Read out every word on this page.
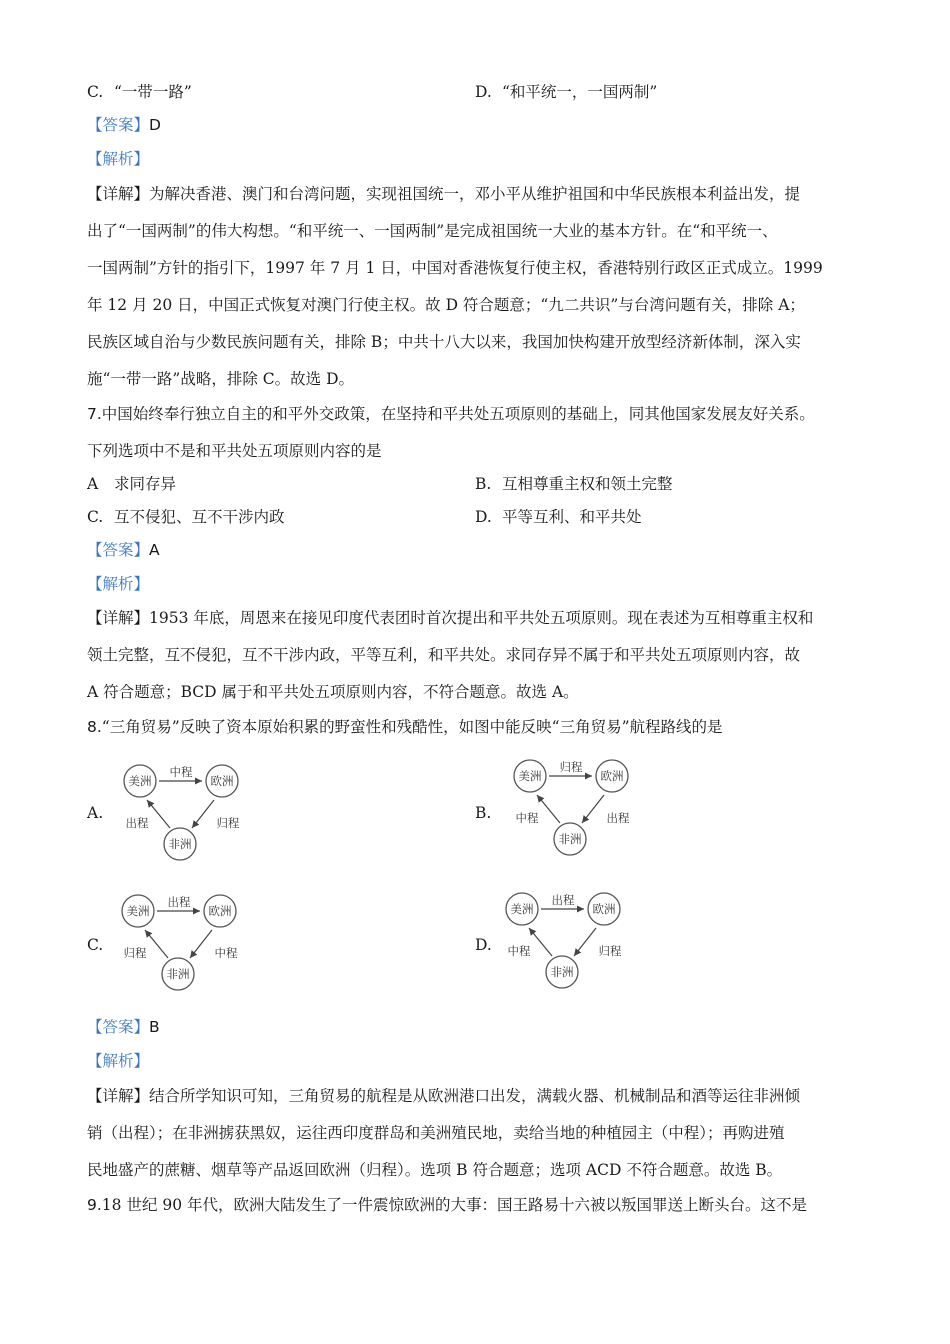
C. “一带一路”	D. “和平统一，一国两制”
【答案】D
【解析】
【详解】为解决香港、澳门和台湾问题，实现祖国统一，邓小平从维护祖国和中华民族根本利益出发，提
出了“一国两制”的伟大构想。“和平统一、一国两制”是完成祖国统一大业的基本方针。在“和平统一、
一国两制”方针的指引下，1997 年 7 月 1 日，中国对香港恢复行使主权，香港特别行政区正式成立。1999
年 12 月 20 日，中国正式恢复对澳门行使主权。故 D 符合题意；“九二共识”与台湾问题有关，排除 A；
民族区域自治与少数民族问题有关，排除 B；中共十八大以来，我国加快构建开放型经济新体制，深入实
施“一带一路”战略，排除 C。故选 D。
7.中国始终奉行独立自主的和平外交政策，在坚持和平共处五项原则的基础上，同其他国家发展友好关系。
下列选项中不是和平共处五项原则内容的是
A 求同存异	B. 互相尊重主权和领土完整
C. 互不侵犯、互不干涉内政	D. 平等互利、和平共处
【答案】A
【解析】
【详解】1953 年底，周恩来在接见印度代表团时首次提出和平共处五项原则。现在表述为互相尊重主权和
领土完整，互不侵犯，互不干涉内政，平等互利，和平共处。求同存异不属于和平共处五项原则内容，故
A 符合题意；BCD 属于和平共处五项原则内容，不符合题意。故选 A。
8.“三角贸易”反映了资本原始积累的野蛮性和残酷性，如图中能反映“三角贸易”航程路线的是
A.
美洲	欧洲
非洲
中程
出程	归程
B.
美洲	欧洲
非洲
归程
中程	出程
C.
美洲	欧洲
非洲
出程
归程	中程	D.
美洲	欧洲
非洲
出程
中程	归程
【答案】B
【解析】
【详解】结合所学知识可知，三角贸易的航程是从欧洲港口出发，满载火器、机械制品和酒等运往非洲倾
销（出程）；在非洲掳获黑奴，运往西印度群岛和美洲殖民地，卖给当地的种植园主（中程）；再购进殖
民地盛产的蔗糖、烟草等产品返回欧洲（归程）。选项 B 符合题意；选项 ACD 不符合题意。故选 B。
9.18 世纪 90 年代，欧洲大陆发生了一件震惊欧洲的大事：国王路易十六被以叛国罪送上断头台。这不是
